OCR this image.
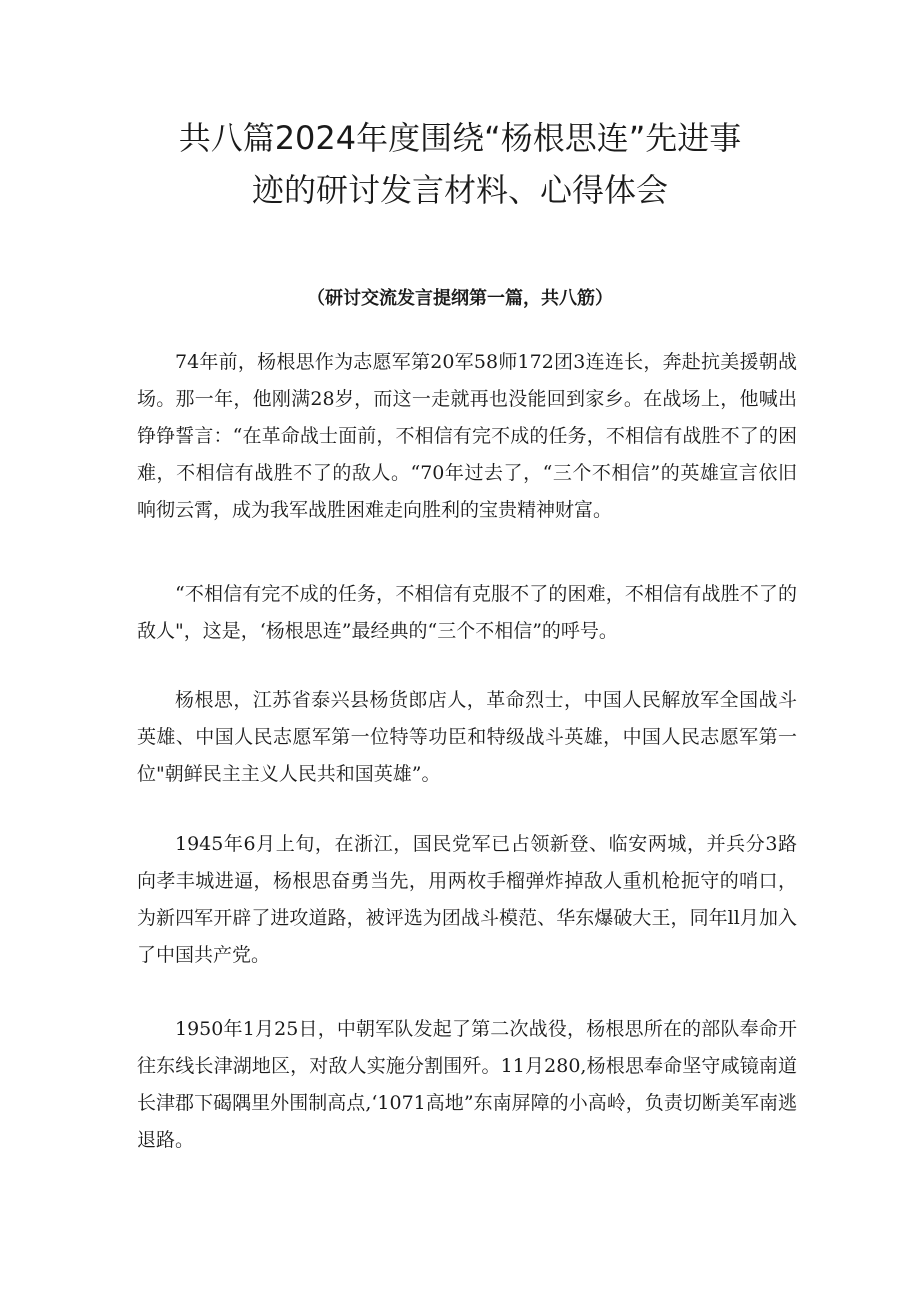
共八篇2024年度围绕“杨根思连”先进事
迹的研讨发言材料、心得体会

（研讨交流发言提纲第一篇，共八筋）

74年前，杨根思作为志愿军第20军58师172团3连连长，奔赴抗美援朝战场。那一年，他刚满28岁，而这一走就再也没能回到家乡。在战场上，他喊出铮铮誓言：“在革命战士面前，不相信有完不成的任务，不相信有战胜不了的困难，不相信有战胜不了的敌人。“70年过去了，“三个不相信”的英雄宣言依旧响彻云霄，成为我军战胜困难走向胜利的宝贵精神财富。

“不相信有完不成的任务，不相信有克服不了的困难，不相信有战胜不了的敌人"，这是，‘杨根思连”最经典的“三个不相信”的呼号。

杨根思，江苏省泰兴县杨货郎店人，革命烈士，中国人民解放军全国战斗英雄、中国人民志愿军第一位特等功臣和特级战斗英雄，中国人民志愿军第一位"朝鲜民主主义人民共和国英雄”。

1945年6月上旬，在浙江，国民党军已占领新登、临安两城，并兵分3路向孝丰城进逼，杨根思奋勇当先，用两枚手榴弹炸掉敌人重机枪扼守的哨口，为新四军开辟了进攻道路，被评选为团战斗模范、华东爆破大王，同年ll月加入了中国共产党。

1950年1月25日，中朝军队发起了第二次战役，杨根思所在的部队奉命开往东线长津湖地区，对敌人实施分割围歼。11月280,杨根思奉命坚守咸镜南道长津郡下碣隅里外围制高点,‘1071高地”东南屏障的小高岭，负责切断美军南逃退路。
